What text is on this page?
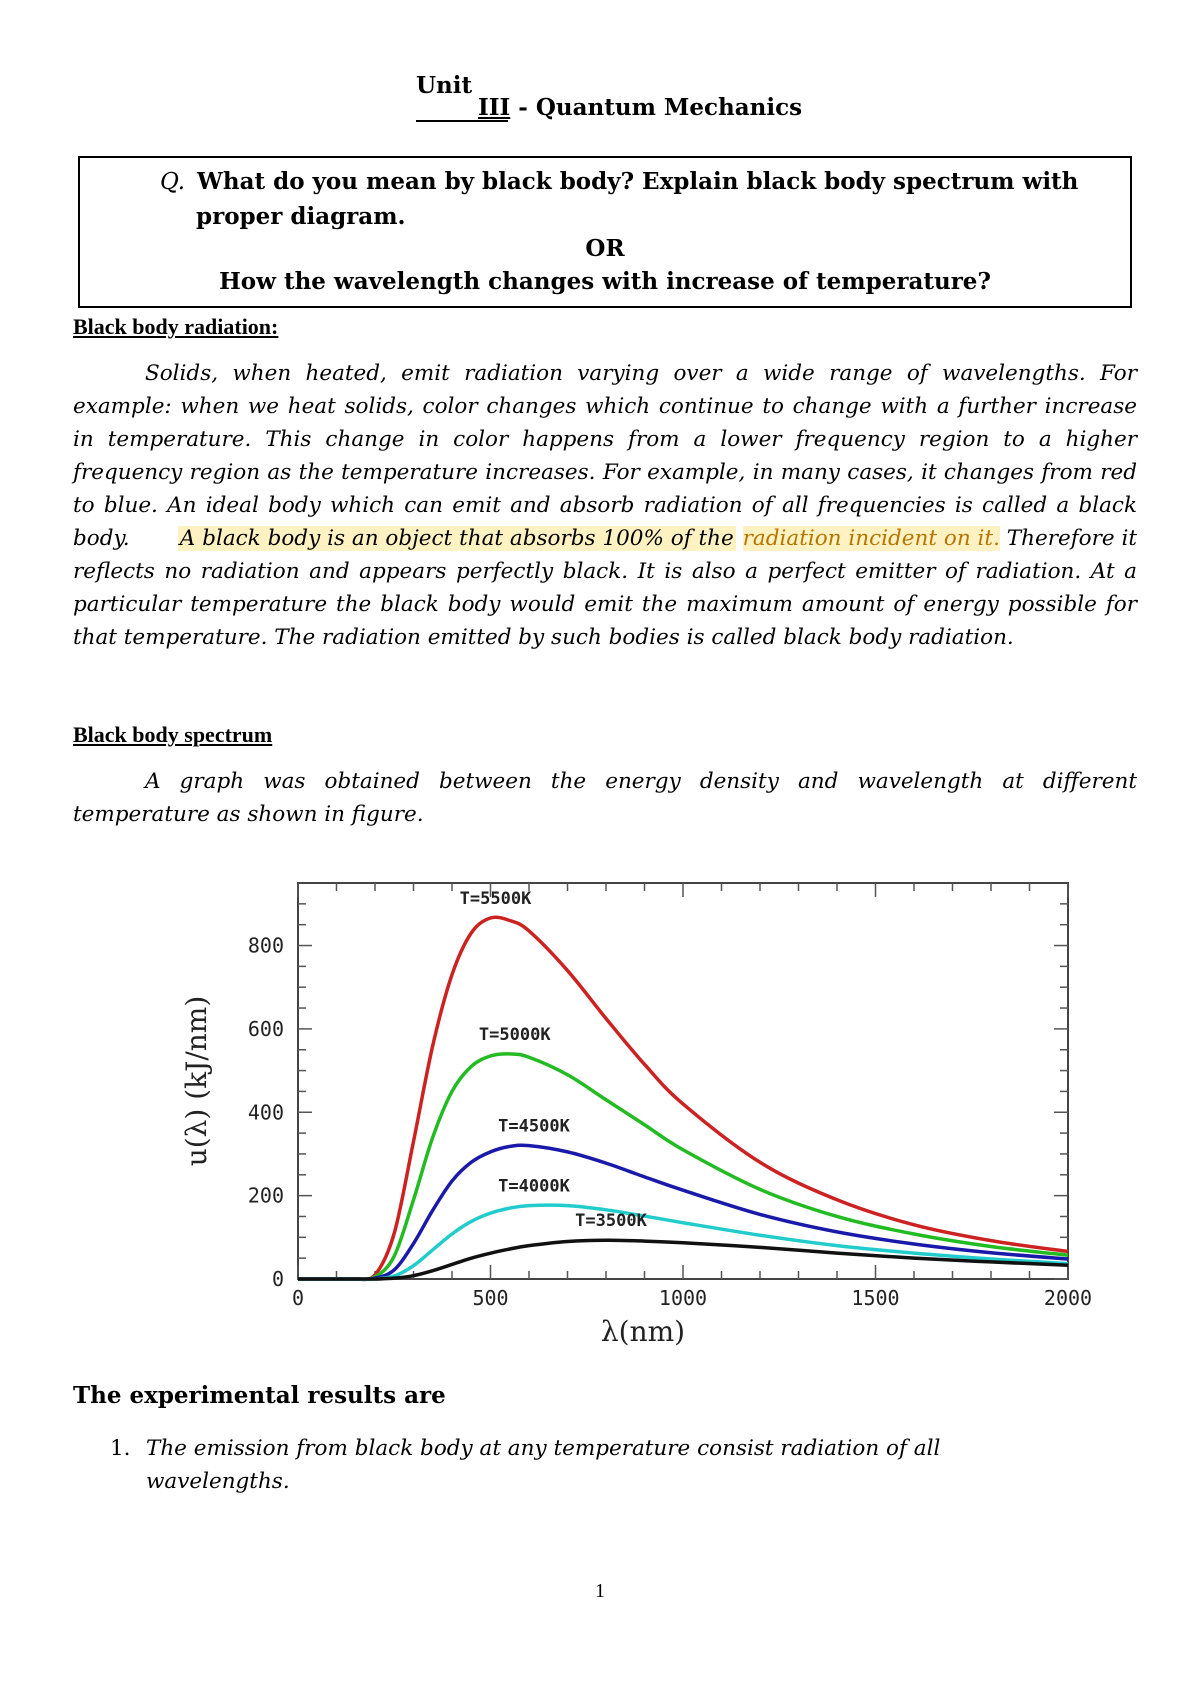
Unit
III - Quantum Mechanics
Q. What do you mean by black body? Explain black body spectrum with
proper diagram.
OR
How the wavelength changes with increase of temperature?
Black body radiation:
Solids, when heated, emit radiation varying over a wide range of wavelengths. For example: when we heat solids, color changes which continue to change with a further increase in temperature. This change in color happens from a lower frequency region to a higher frequency region as the temperature increases. For example, in many cases, it changes from red to blue. An ideal body which can emit and absorb radiation of all frequencies is called a black body. A black body is an object that absorbs 100% of the radiation incident on it. Therefore it reflects no radiation and appears perfectly black. It is also a perfect emitter of radiation. At a particular temperature the black body would emit the maximum amount of energy possible for that temperature. The radiation emitted by such bodies is called black body radiation.
Black body spectrum
A graph was obtained between the energy density and wavelength at different temperature as shown in figure.
0	500	1000	1500	2000
0
200
400
600
800
λ(nm)
u(λ) (kJ/nm)
T=5500K
T=5000K
T=4500K
T=4000K
T=3500K
The experimental results are
1. The emission from black body at any temperature consist radiation of all wavelengths.
1
